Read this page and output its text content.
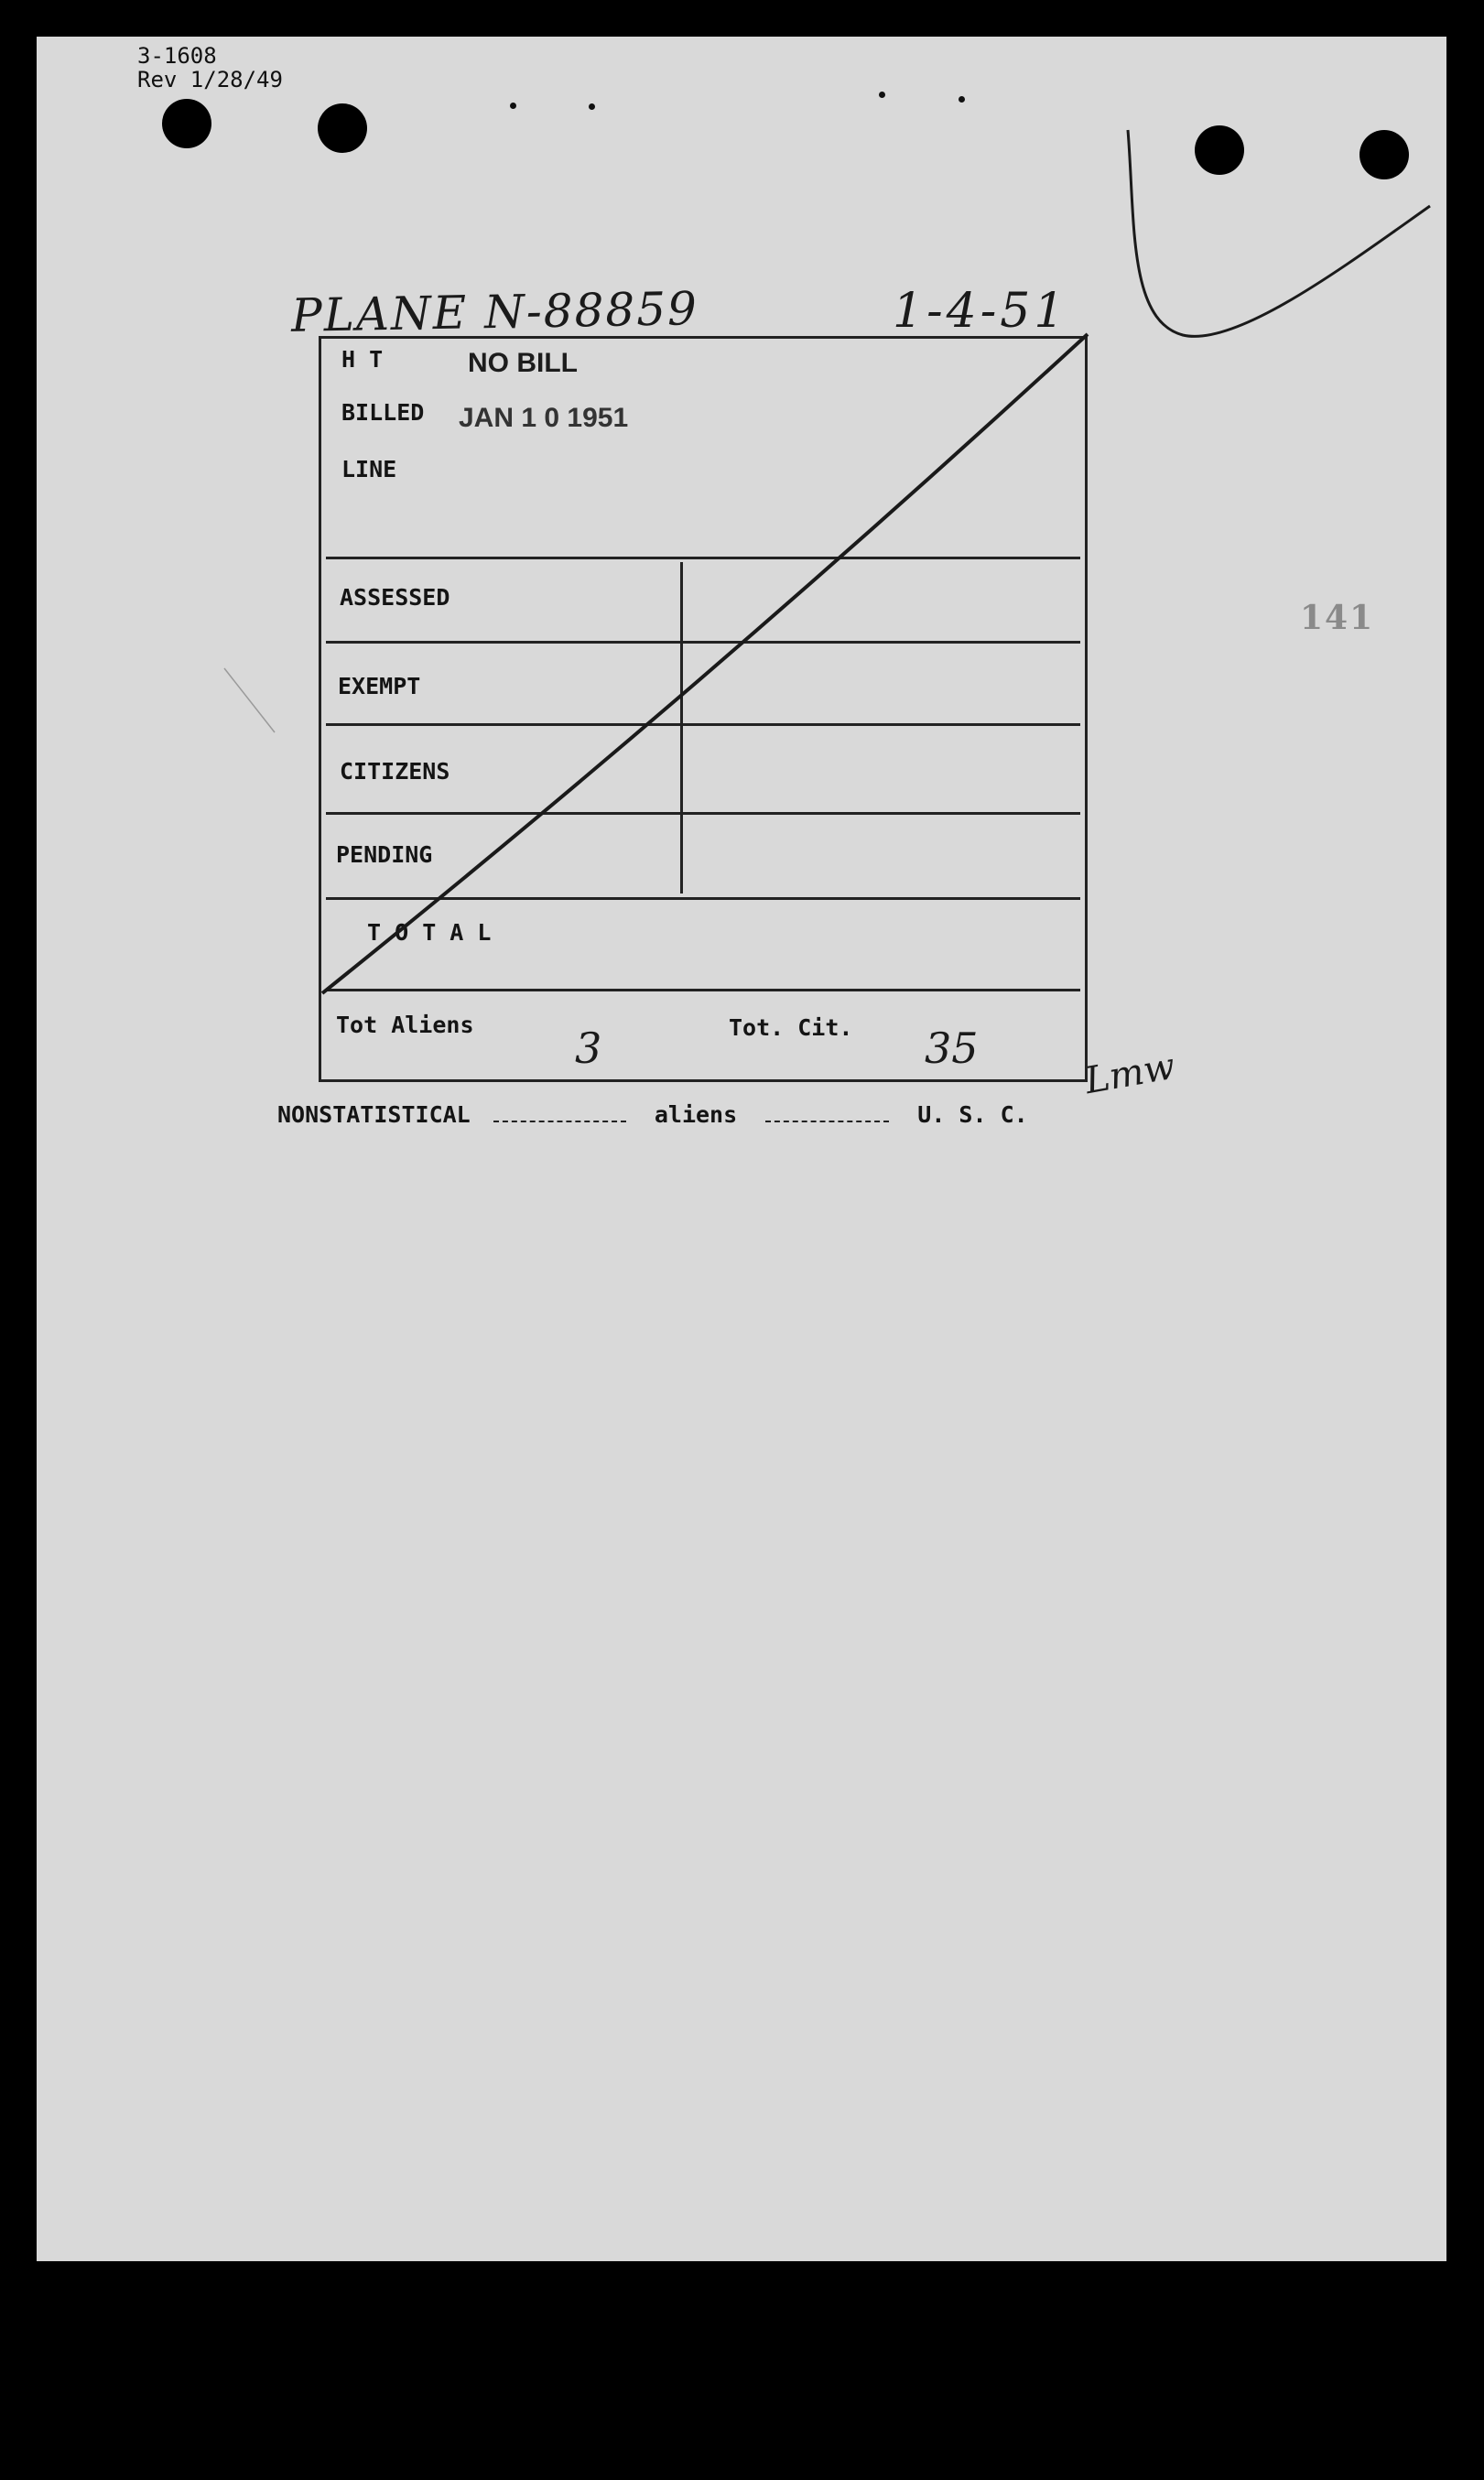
3-1608
Rev 1/28/49
PLANE N-88859	1-4-51
141
H T	NO BILL
BILLED JAN 1 0 1951
LINE
ASSESSED
EXEMPT
CITIZENS
PENDING
T O T A L
Tot Aliens	Tot. Cit.
3	35	Lmw
NONSTATISTICAL	aliens	U. S. C.
